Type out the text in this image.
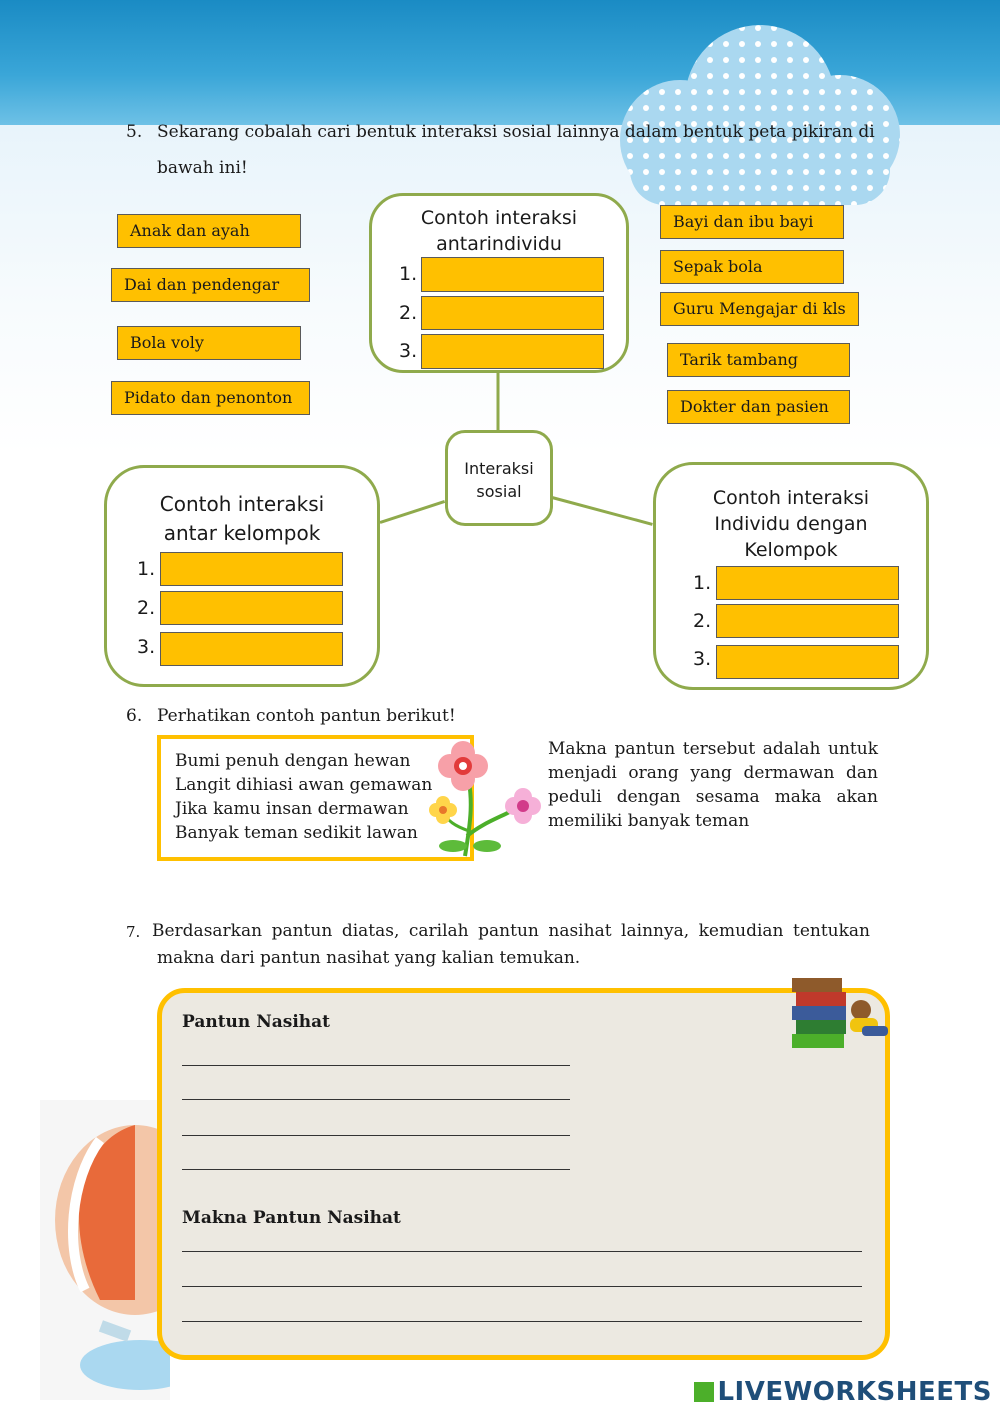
5. Sekarang cobalah cari bentuk interaksi sosial lainnya dalam bentuk peta pikiran di
bawah ini!
Anak dan ayah
Dai dan pendengar
Bola voly
Pidato dan penonton
Bayi dan ibu bayi
Sepak bola
Guru Mengajar di kls
Tarik tambang
Dokter dan pasien
Contoh interaksi
antarindividu
1.
2.
3.
Interaksi
sosial
Contoh interaksi
antar kelompok
1.
2.
3.
Contoh interaksi
Individu dengan
Kelompok
1.
2.
3.
6. Perhatikan contoh pantun berikut!
Bumi penuh dengan hewan
Langit dihiasi awan gemawan
Jika kamu insan dermawan
Banyak teman sedikit lawan
Makna pantun tersebut adalah untuk menjadi orang yang dermawan dan peduli dengan sesama maka akan memiliki banyak teman
7. Berdasarkan pantun diatas, carilah pantun nasihat lainnya, kemudian tentukan
makna dari pantun nasihat yang kalian temukan.
Pantun Nasihat
Makna Pantun Nasihat
LIVEWORKSHEETS
